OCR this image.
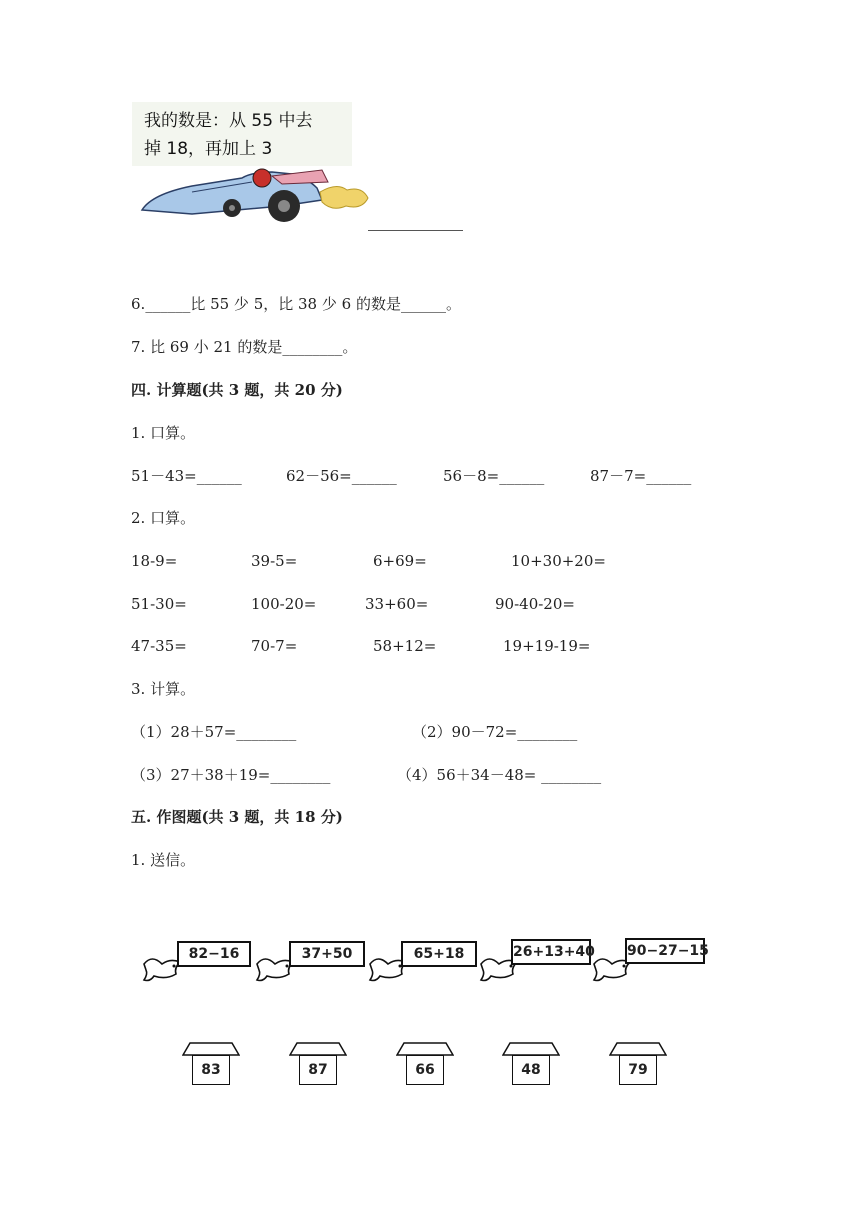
我的数是：从 55 中去
掉 18，再加上 3
6.______比 55 少 5，比 38 少 6 的数是______。
7. 比 69 小 21 的数是________。
四. 计算题(共 3 题，共 20 分)
1. 口算。
51－43=______	62－56=______	56－8=______	87－7=______
2. 口算。
18-9=	39-5=	6+69=	10+30+20=
51-30=	100-20=	33+60=	90-40-20=
47-35=	70-7=	58+12=	19+19-19=
3. 计算。
（1）28＋57=________	（2）90－72=________
（3）27＋38＋19=________	（4）56＋34－48= ________
五. 作图题(共 3 题，共 18 分)
1. 送信。
82−16	37+50	65+18	26+13+40 90−27−15
83	87	66	48	79
